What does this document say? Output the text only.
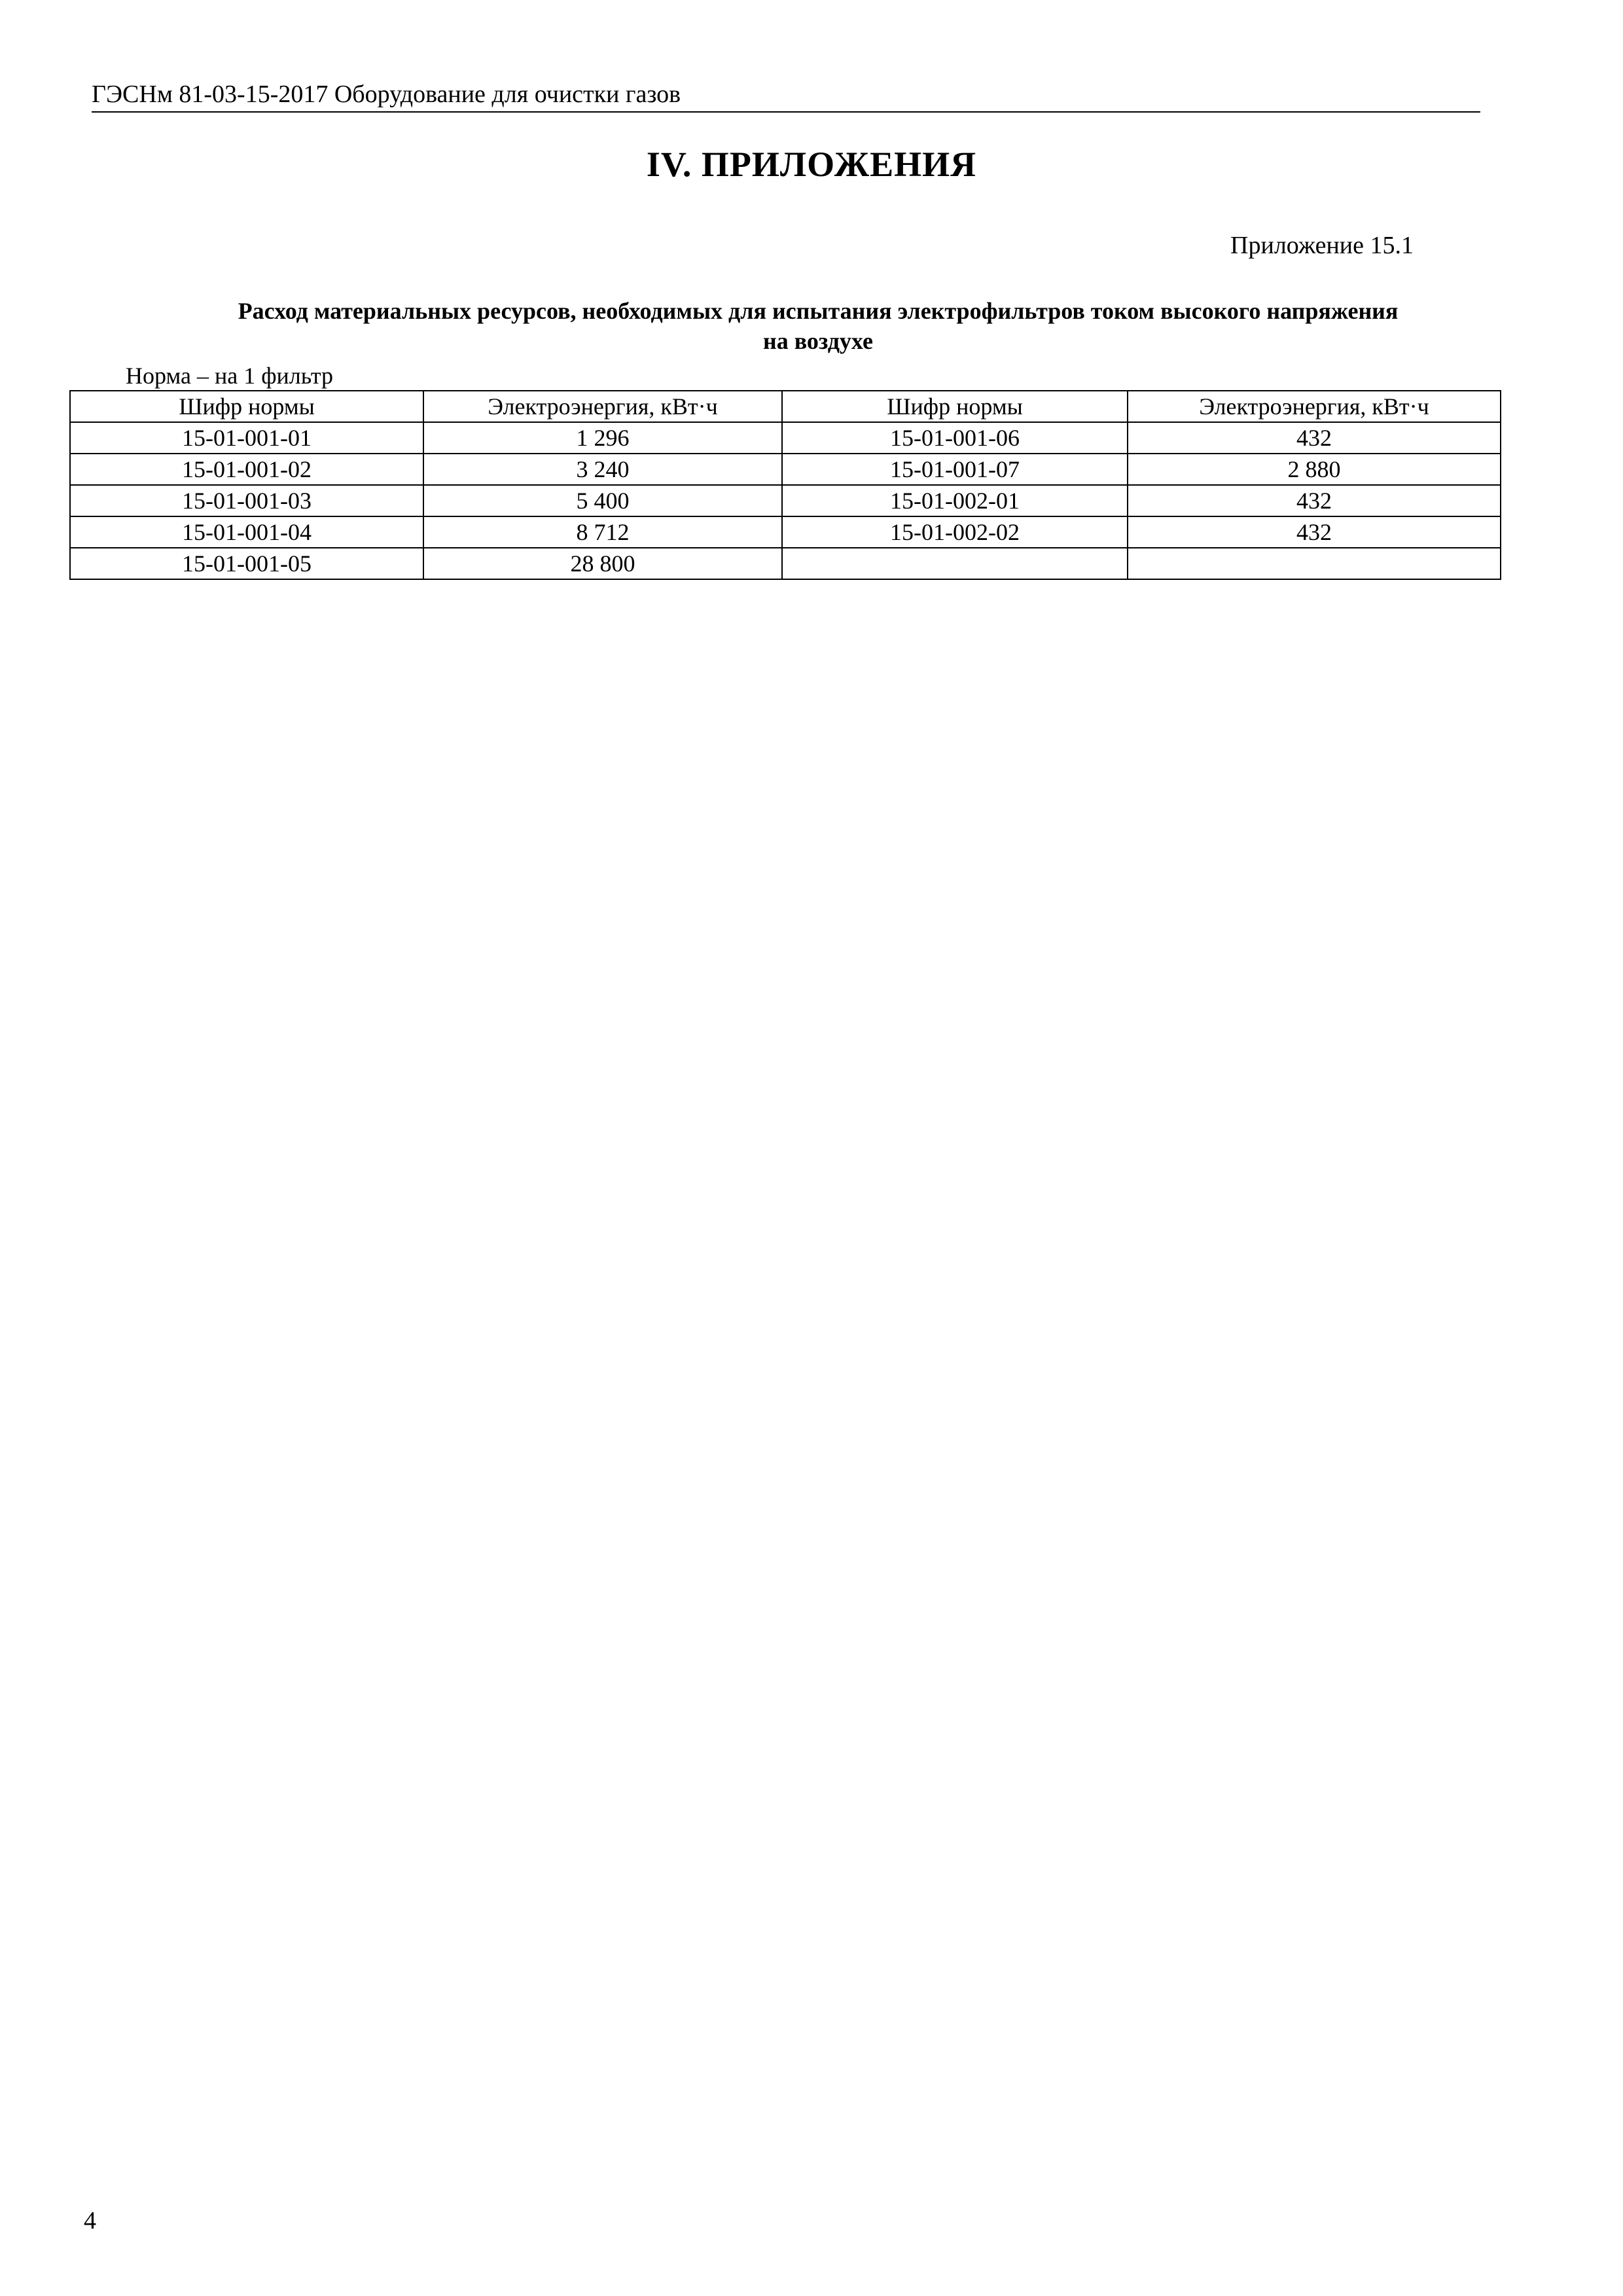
ГЭСНм 81-03-15-2017 Оборудование для очистки газов
IV. ПРИЛОЖЕНИЯ
Приложение 15.1
Расход материальных ресурсов, необходимых для испытания электрофильтров током высокого напряжения
на воздухе
Норма – на 1 фильтр
Шифр нормы	Электроэнергия, кВт·ч	Шифр нормы	Электроэнергия, кВт·ч
15-01-001-01	1 296	15-01-001-06	432
15-01-001-02	3 240	15-01-001-07	2 880
15-01-001-03	5 400	15-01-002-01	432
15-01-001-04	8 712	15-01-002-02	432
15-01-001-05	28 800		
4
